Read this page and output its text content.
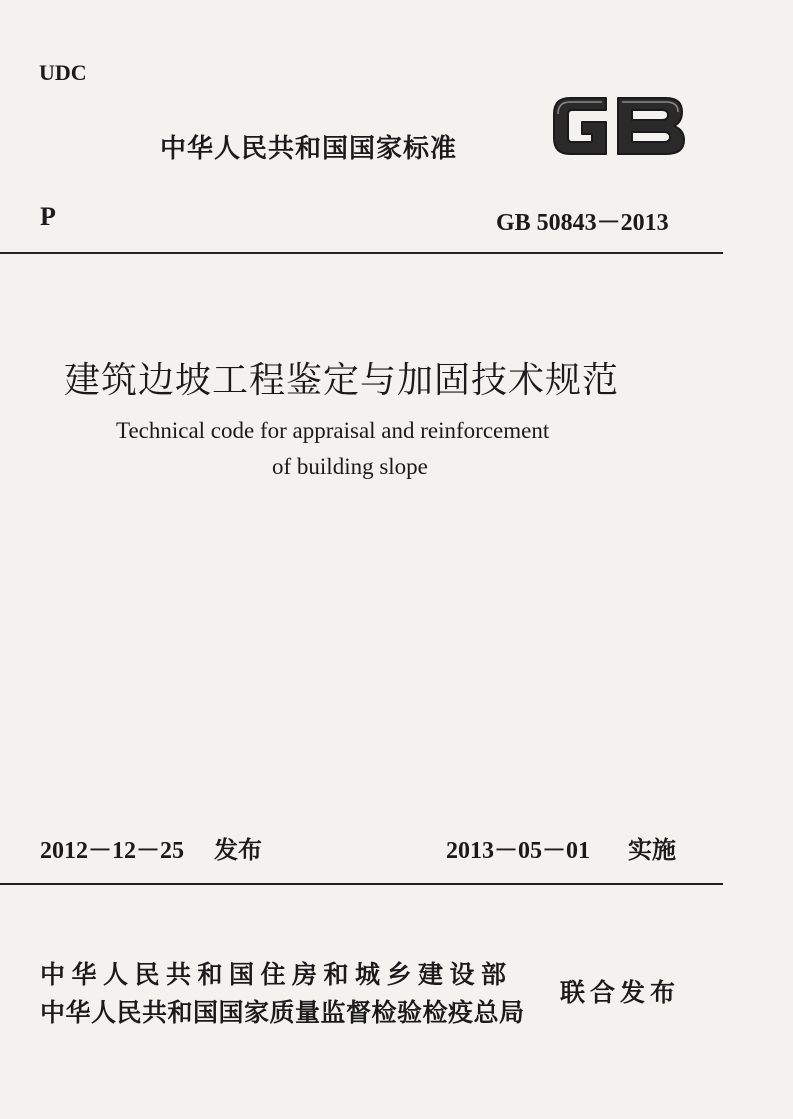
UDC
中华人民共和国国家标准
P	GB 50843－2013
建筑边坡工程鉴定与加固技术规范
Technical code for appraisal and reinforcement
of building slope
2012－12－25 发布	2013－05－01 实施
中华人民共和国住房和城乡建设部
中华人民共和国国家质量监督检验检疫总局
联合发布
